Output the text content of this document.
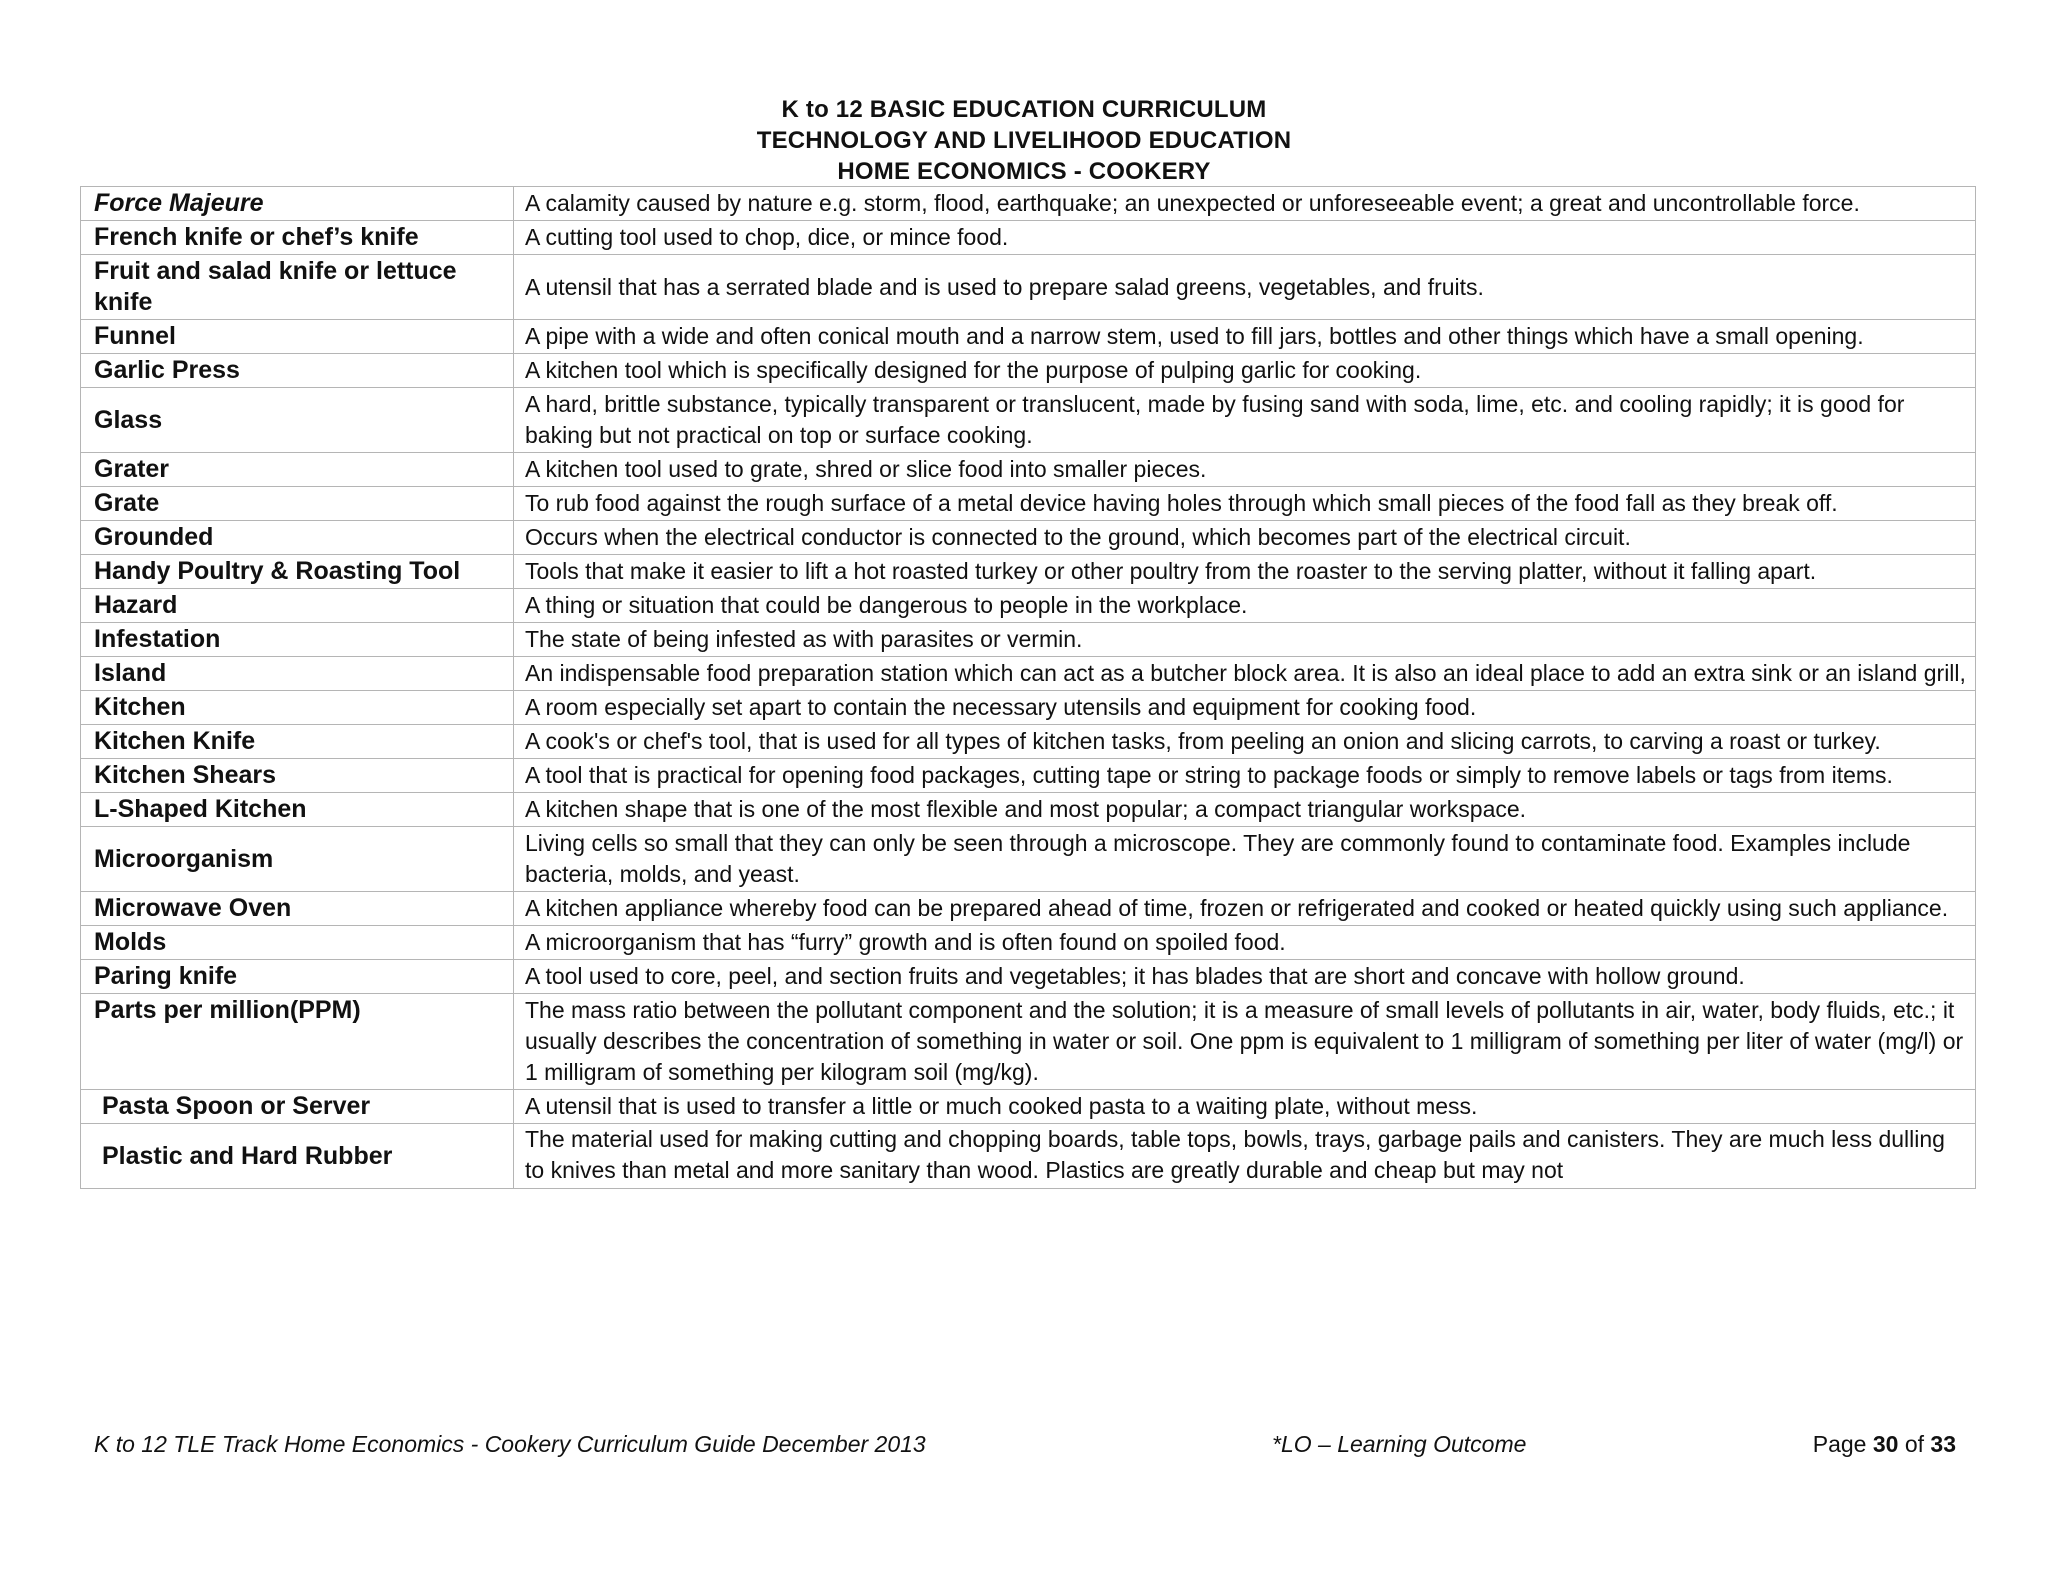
K to 12 BASIC EDUCATION CURRICULUM
TECHNOLOGY AND LIVELIHOOD EDUCATION
HOME ECONOMICS - COOKERY
Force Majeure	A calamity caused by nature e.g. storm, flood, earthquake; an unexpected or unforeseeable event; a great and uncontrollable force.
French knife or chef’s knife	A cutting tool used to chop, dice, or mince food.
Fruit and salad knife or lettuce knife	A utensil that has a serrated blade and is used to prepare salad greens, vegetables, and fruits.
Funnel	A pipe with a wide and often conical mouth and a narrow stem, used to fill jars, bottles and other things which have a small opening.
Garlic Press	A kitchen tool which is specifically designed for the purpose of pulping garlic for cooking.
Glass	A hard, brittle substance, typically transparent or translucent, made by fusing sand with soda, lime, etc. and cooling rapidly; it is good for baking but not practical on top or surface cooking.
Grater	A kitchen tool used to grate, shred or slice food into smaller pieces.
Grate	To rub food against the rough surface of a metal device having holes through which small pieces of the food fall as they break off.
Grounded	Occurs when the electrical conductor is connected to the ground, which becomes part of the electrical circuit.
Handy Poultry & Roasting Tool	Tools that make it easier to lift a hot roasted turkey or other poultry from the roaster to the serving platter, without it falling apart.
Hazard	A thing or situation that could be dangerous to people in the workplace.
Infestation	The state of being infested as with parasites or vermin.
Island	An indispensable food preparation station which can act as a butcher block area. It is also an ideal place to add an extra sink or an island grill,
Kitchen	A room especially set apart to contain the necessary utensils and equipment for cooking food.
Kitchen Knife	A cook's or chef's tool, that is used for all types of kitchen tasks, from peeling an onion and slicing carrots, to carving a roast or turkey.
Kitchen Shears	A tool that is practical for opening food packages, cutting tape or string to package foods or simply to remove labels or tags from items.
L-Shaped Kitchen	A kitchen shape that is one of the most flexible and most popular; a compact triangular workspace.
Microorganism	Living cells so small that they can only be seen through a microscope. They are commonly found to contaminate food. Examples include bacteria, molds, and yeast.
Microwave Oven	A kitchen appliance whereby food can be prepared ahead of time, frozen or refrigerated and cooked or heated quickly using such appliance.
Molds	A microorganism that has “furry” growth and is often found on spoiled food.
Paring knife	A tool used to core, peel, and section fruits and vegetables; it has blades that are short and concave with hollow ground.
Parts per million(PPM)	The mass ratio between the pollutant component and the solution; it is a measure of small levels of pollutants in air, water, body fluids, etc.; it usually describes the concentration of something in water or soil. One ppm is equivalent to 1 milligram of something per liter of water (mg/l) or 1 milligram of something per kilogram soil (mg/kg).
Pasta Spoon or Server	A utensil that is used to transfer a little or much cooked pasta to a waiting plate, without mess.
Plastic and Hard Rubber	The material used for making cutting and chopping boards, table tops, bowls, trays, garbage pails and canisters. They are much less dulling to knives than metal and more sanitary than wood. Plastics are greatly durable and cheap but may not
K to 12 TLE Track Home Economics - Cookery Curriculum Guide December 2013	*LO – Learning Outcome	Page 30 of 33
